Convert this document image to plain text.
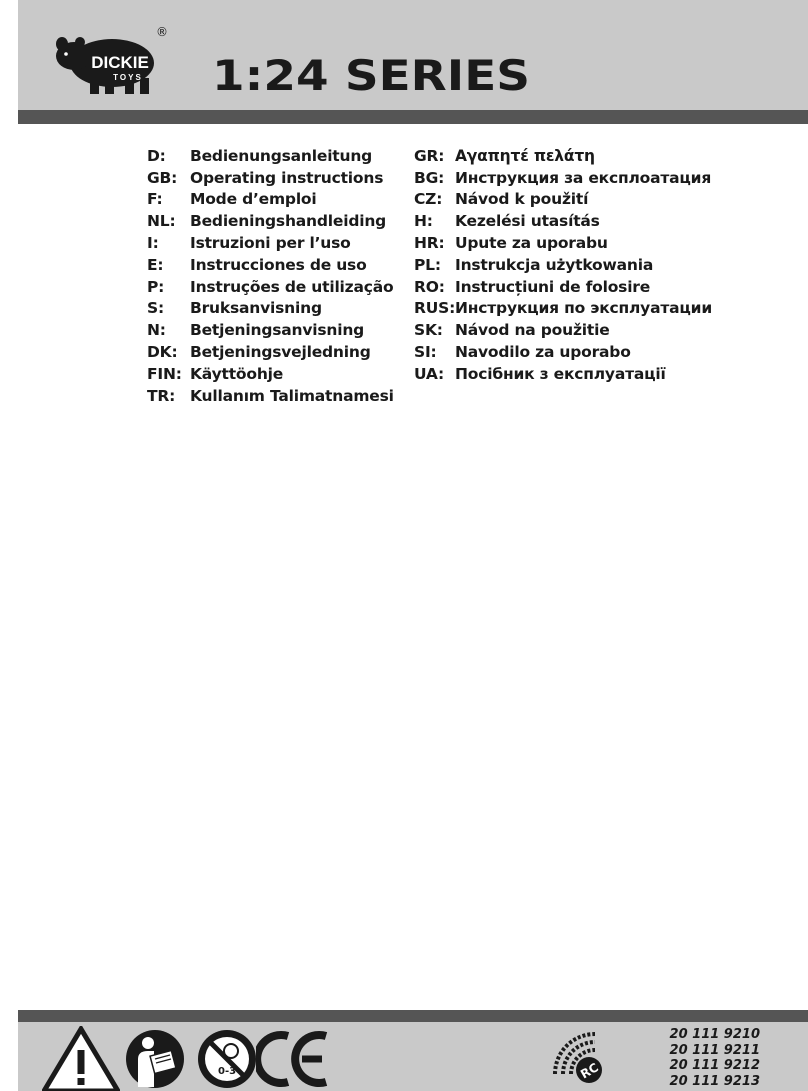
DICKIE
TOYS
®
1:24 SERIES
D:	Bedienungsanleitung
GB: Operating instructions
F:	Mode d’emploi
NL: Bedieningshandleiding
I:	Istruzioni per l’uso
E:	Instrucciones de uso
P:	Instruções de utilização
S:	Bruksanvisning
N:	Betjeningsanvisning
DK: Betjeningsvejledning
FIN: Käyttöohje
TR: Kullanım Talimatnamesi
GR: Αγαπητέ πελάτη
BG: Инструкция за експлоатация
CZ: Návod k použití
H:	Kezelési utasítás
HR: Upute za uporabu
PL: Instrukcja użytkowania
RO: Instrucțiuni de folosire
RUS: Инструкция по эксплуатации
SK: Návod na použitie
SI:	Navodilo za uporabo
UA: Посібник з експлуатації
0-3	RC
20 111 9210
20 111 9211
20 111 9212
20 111 9213
